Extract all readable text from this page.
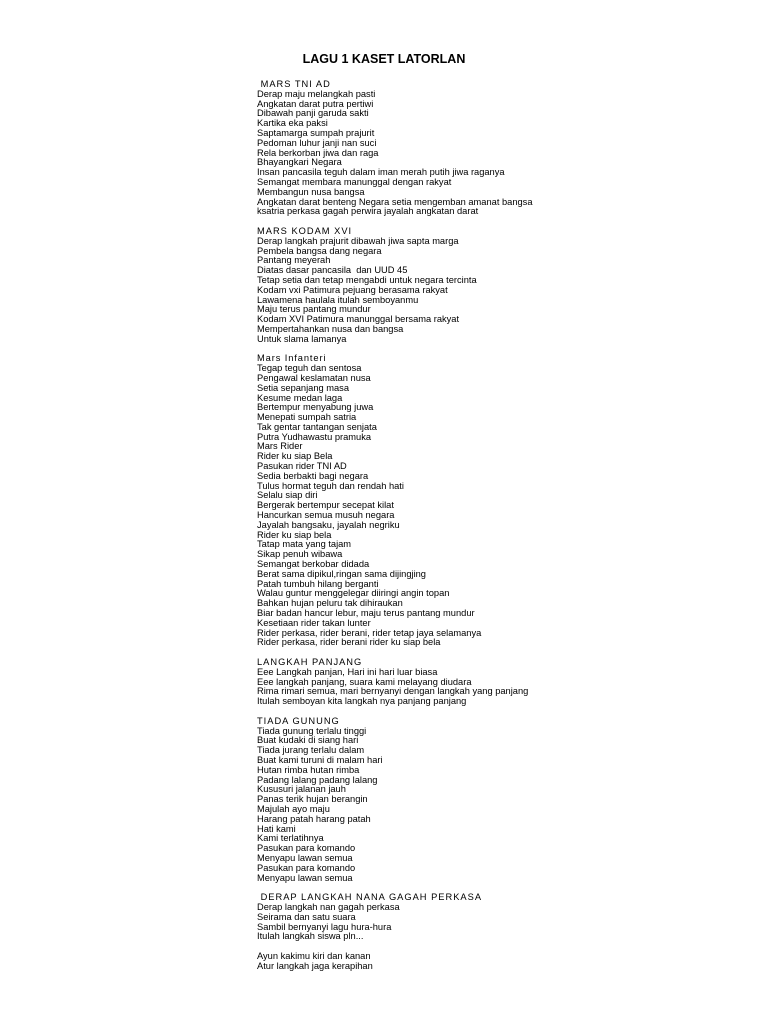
LAGU 1 KASET LATORLAN
MARS TNI AD
Derap maju melangkah pasti
Angkatan darat putra pertiwi
Dibawah panji garuda sakti
Kartika eka paksi
Saptamarga sumpah prajurit
Pedoman luhur janji nan suci
Rela berkorban jiwa dan raga
Bhayangkari Negara
Insan pancasila teguh dalam iman merah putih jiwa raganya
Semangat membara manunggal dengan rakyat
Membangun nusa bangsa
Angkatan darat benteng Negara setia mengemban amanat bangsa
ksatria perkasa gagah perwira jayalah angkatan darat
MARS KODAM XVI
Derap langkah prajurit dibawah jiwa sapta marga
Pembela bangsa dang negara
Pantang meyerah
Diatas dasar pancasila  dan UUD 45
Tetap setia dan tetap mengabdi untuk negara tercinta
Kodam vxi Patimura pejuang berasama rakyat
Lawamena haulala itulah semboyanmu
Maju terus pantang mundur
Kodam XVI Patimura manunggal bersama rakyat
Mempertahankan nusa dan bangsa
Untuk slama lamanya
Mars Infanteri
Tegap teguh dan sentosa
Pengawal keslamatan nusa
Setia sepanjang masa
Kesume medan laga
Bertempur menyabung juwa
Menepati sumpah satria
Tak gentar tantangan senjata
Putra Yudhawastu pramuka
Mars Rider
Rider ku siap Bela
Pasukan rider TNI AD
Sedia berbakti bagi negara
Tulus hormat teguh dan rendah hati
Selalu siap diri
Bergerak bertempur secepat kilat
Hancurkan semua musuh negara
Jayalah bangsaku, jayalah negriku
Rider ku siap bela
Tatap mata yang tajam
Sikap penuh wibawa
Semangat berkobar didada
Berat sama dipikul,ringan sama dijingjing
Patah tumbuh hilang berganti
Walau guntur menggelegar diiringi angin topan
Bahkan hujan peluru tak dihiraukan
Biar badan hancur lebur, maju terus pantang mundur
Kesetiaan rider takan lunter
Rider perkasa, rider berani, rider tetap jaya selamanya
Rider perkasa, rider berani rider ku siap bela
LANGKAH PANJANG
Eee Langkah panjan, Hari ini hari luar biasa
Eee langkah panjang, suara kami melayang diudara
Rima rimari semua, mari bernyanyi dengan langkah yang panjang
Itulah semboyan kita langkah nya panjang panjang
TIADA GUNUNG
Tiada gunung terlalu tinggi
Buat kudaki di siang hari
Tiada jurang terlalu dalam
Buat kami turuni di malam hari
Hutan rimba hutan rimba
Padang lalang padang lalang
Kususuri jalanan jauh
Panas terik hujan berangin
Majulah ayo maju
Harang patah harang patah
Hati kami
Kami terlatihnya
Pasukan para komando
Menyapu lawan semua
Pasukan para komando
Menyapu lawan semua
DERAP LANGKAH NANA GAGAH PERKASA
Derap langkah nan gagah perkasa
Seirama dan satu suara
Sambil bernyanyi lagu hura-hura
Itulah langkah siswa pln...
Ayun kakimu kiri dan kanan
Atur langkah jaga kerapihan
